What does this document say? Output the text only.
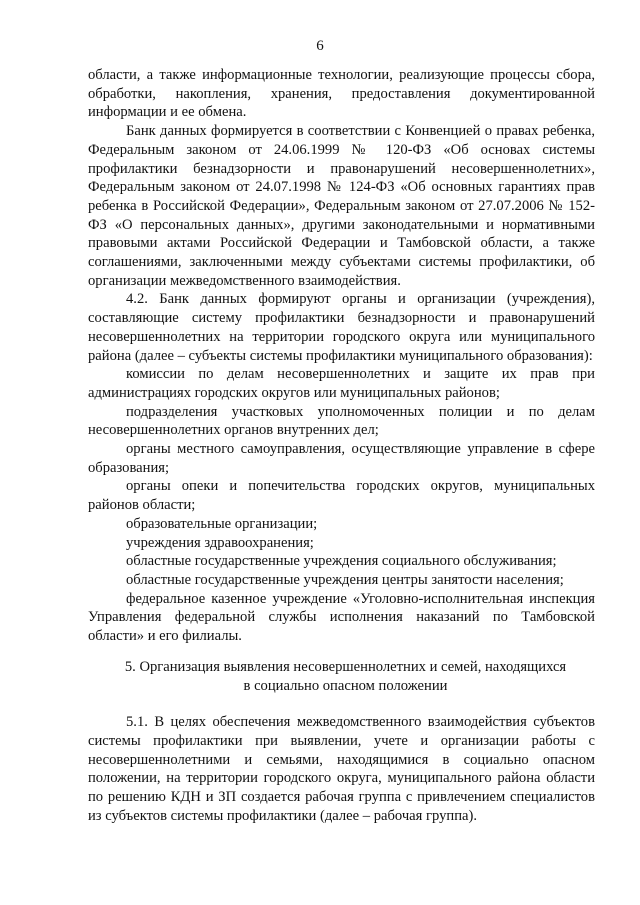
6

области, а также информационные технологии, реализующие процессы сбора, обработки, накопления, хранения, предоставления документированной информации и ее обмена.

Банк данных формируется в соответствии с Конвенцией о правах ребенка, Федеральным законом от 24.06.1999 № 120-ФЗ «Об основах системы профилактики безнадзорности и правонарушений несовершеннолетних», Федеральным законом от 24.07.1998 № 124-ФЗ «Об основных гарантиях прав ребенка в Российской Федерации», Федеральным законом от 27.07.2006 № 152-ФЗ «О персональных данных», другими законодательными и нормативными правовыми актами Российской Федерации и Тамбовской области, а также соглашениями, заключенными между субъектами системы профилактики, об организации межведомственного взаимодействия.

4.2. Банк данных формируют органы и организации (учреждения), составляющие систему профилактики безнадзорности и правонарушений несовершеннолетних на территории городского округа или муниципального района (далее – субъекты системы профилактики муниципального образования):

комиссии по делам несовершеннолетних и защите их прав при администрациях городских округов или муниципальных районов;

подразделения участковых уполномоченных полиции и по делам несовершеннолетних органов внутренних дел;

органы местного самоуправления, осуществляющие управление в сфере образования;

органы опеки и попечительства городских округов, муниципальных районов области;

образовательные организации;

учреждения здравоохранения;

областные государственные учреждения социального обслуживания;

областные государственные учреждения центры занятости населения;

федеральное казенное учреждение «Уголовно-исполнительная инспекция Управления федеральной службы исполнения наказаний по Тамбовской области» и его филиалы.

5. Организация выявления несовершеннолетних и семей, находящихся
в социально опасном положении

5.1. В целях обеспечения межведомственного взаимодействия субъектов системы профилактики при выявлении, учете и организации работы с несовершеннолетними и семьями, находящимися в социально опасном положении, на территории городского округа, муниципального района области по решению КДН и ЗП создается рабочая группа с привлечением специалистов из субъектов системы профилактики (далее – рабочая группа).
